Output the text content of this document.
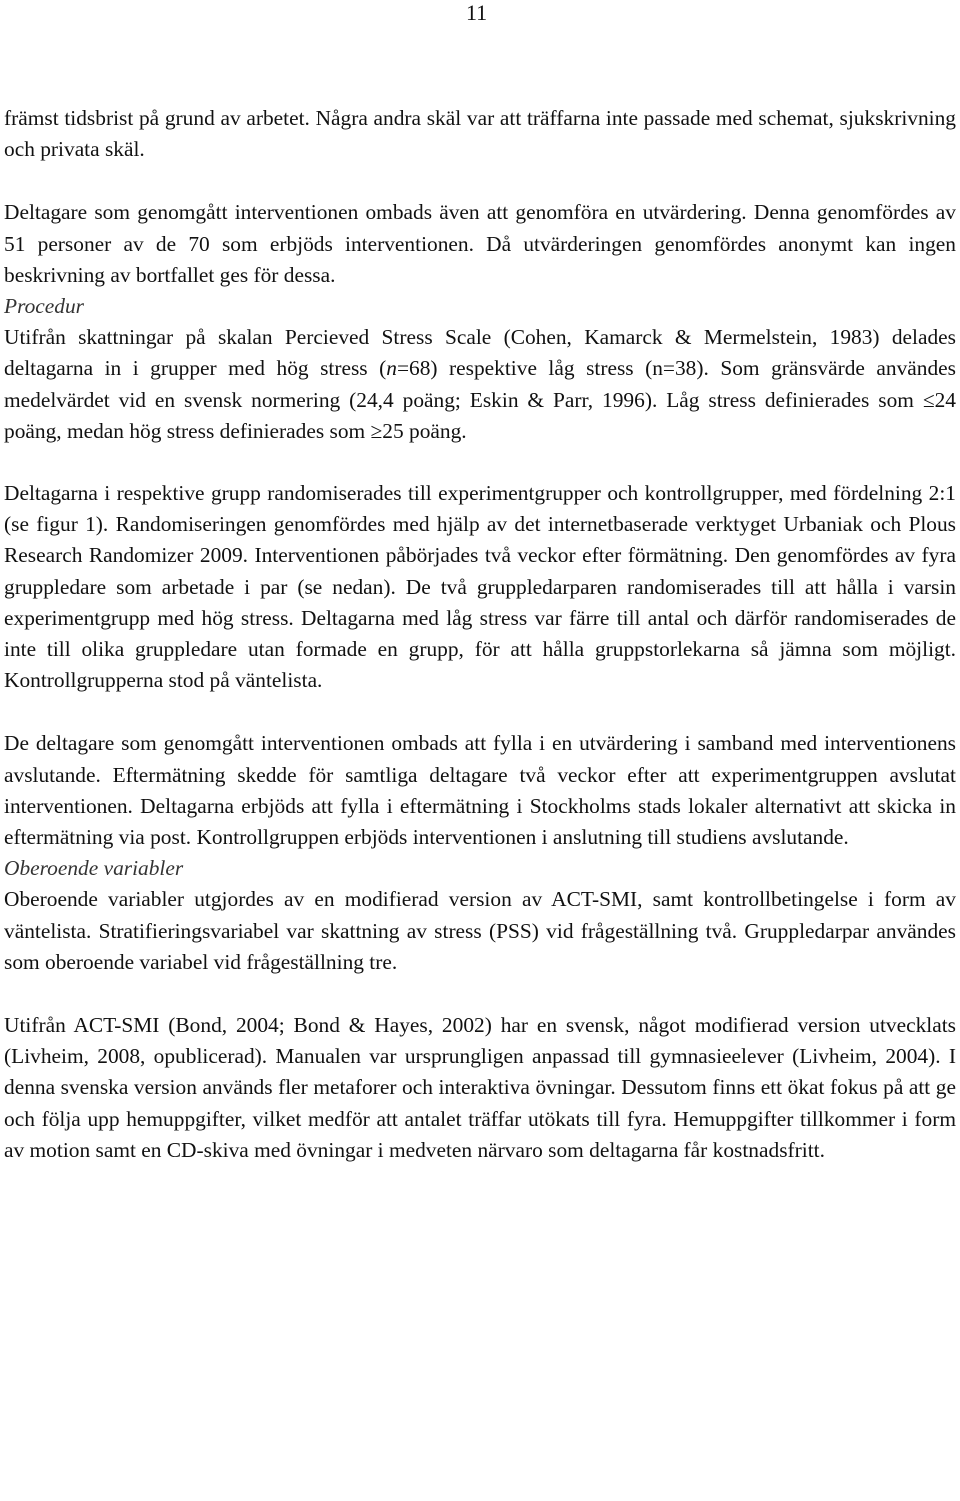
11

främst tidsbrist på grund av arbetet. Några andra skäl var att träffarna inte passade med schemat, sjukskrivning och privata skäl.

Deltagare som genomgått interventionen ombads även att genomföra en utvärdering. Denna genomfördes av 51 personer av de 70 som erbjöds interventionen. Då utvärderingen genomfördes anonymt kan ingen beskrivning av bortfallet ges för dessa.

Procedur

Utifrån skattningar på skalan Percieved Stress Scale (Cohen, Kamarck & Mermelstein, 1983) delades deltagarna in i grupper med hög stress (n=68) respektive låg stress (n=38). Som gränsvärde användes medelvärdet vid en svensk normering (24,4 poäng; Eskin & Parr, 1996). Låg stress definierades som ≤24 poäng, medan hög stress definierades som ≥25 poäng.

Deltagarna i respektive grupp randomiserades till experimentgrupper och kontrollgrupper, med fördelning 2:1 (se figur 1). Randomiseringen genomfördes med hjälp av det internetbaserade verktyget Urbaniak och Plous Research Randomizer 2009. Interventionen påbörjades två veckor efter förmätning. Den genomfördes av fyra gruppledare som arbetade i par (se nedan). De två gruppledarparen randomiserades till att hålla i varsin experimentgrupp med hög stress. Deltagarna med låg stress var färre till antal och därför randomiserades de inte till olika gruppledare utan formade en grupp, för att hålla gruppstorlekarna så jämna som möjligt. Kontrollgrupperna stod på väntelista.

De deltagare som genomgått interventionen ombads att fylla i en utvärdering i samband med interventionens avslutande. Eftermätning skedde för samtliga deltagare två veckor efter att experimentgruppen avslutat interventionen. Deltagarna erbjöds att fylla i eftermätning i Stockholms stads lokaler alternativt att skicka in eftermätning via post. Kontrollgruppen erbjöds interventionen i anslutning till studiens avslutande.

Oberoende variabler

Oberoende variabler utgjordes av en modifierad version av ACT-SMI, samt kontrollbetingelse i form av väntelista. Stratifieringsvariabel var skattning av stress (PSS) vid frågeställning två. Gruppledarpar användes som oberoende variabel vid frågeställning tre.

Utifrån ACT-SMI (Bond, 2004; Bond & Hayes, 2002) har en svensk, något modifierad version utvecklats (Livheim, 2008, opublicerad). Manualen var ursprungligen anpassad till gymnasieelever (Livheim, 2004). I denna svenska version används fler metaforer och interaktiva övningar. Dessutom finns ett ökat fokus på att ge och följa upp hemuppgifter, vilket medför att antalet träffar utökats till fyra. Hemuppgifter tillkommer i form av motion samt en CD-skiva med övningar i medveten närvaro som deltagarna får kostnadsfritt.
